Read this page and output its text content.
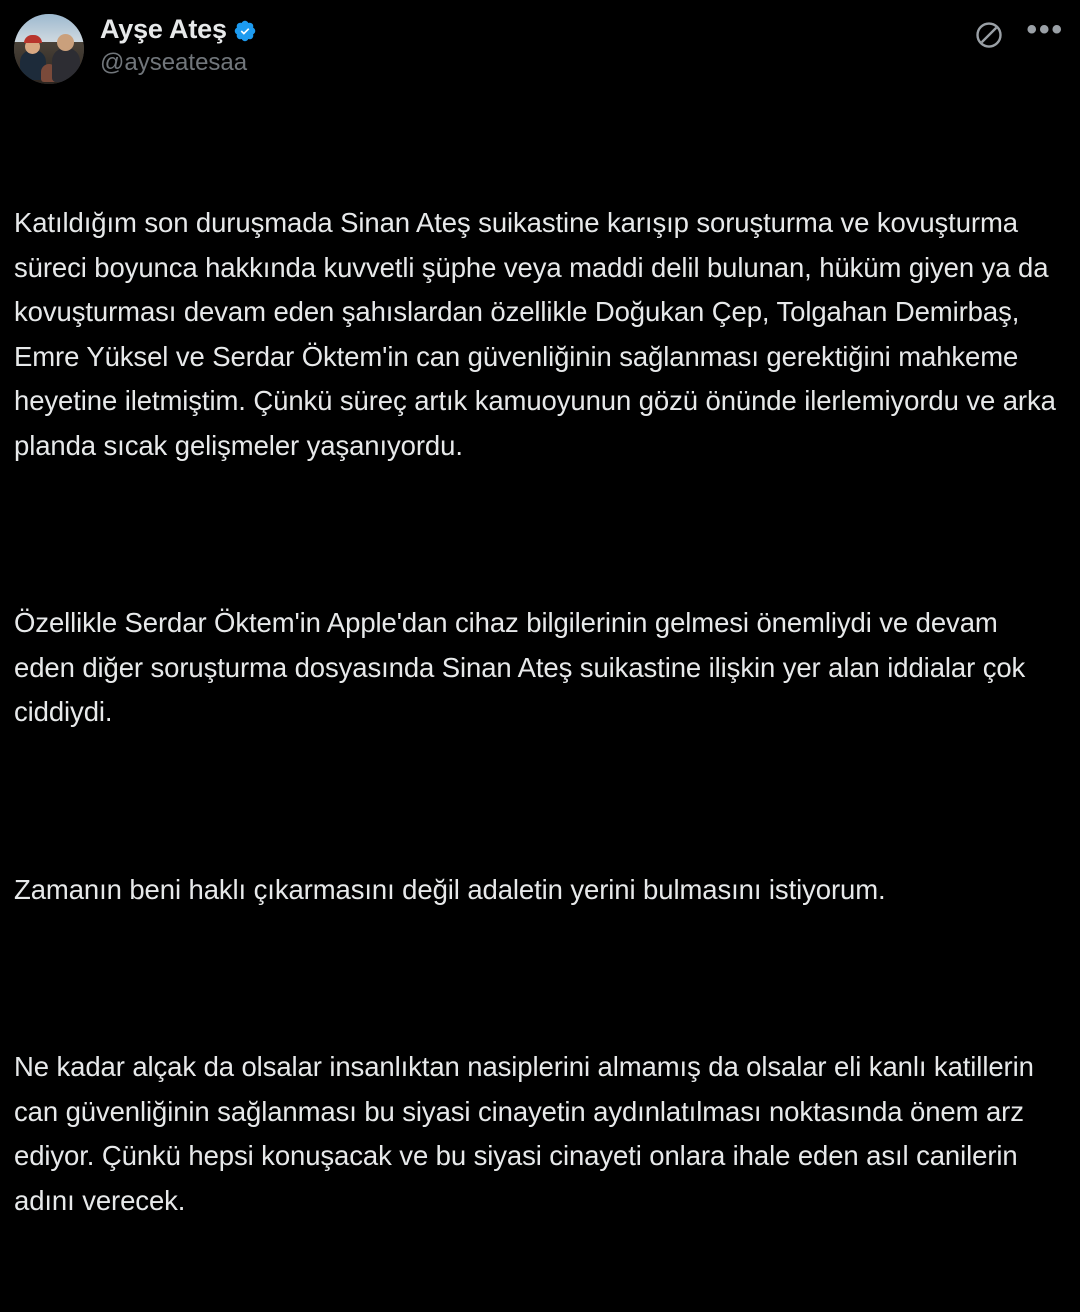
Ayşe Ateş
@ayseatesaa
•••

Katıldığım son duruşmada Sinan Ateş suikastine karışıp soruşturma ve kovuşturma süreci boyunca hakkında kuvvetli şüphe veya maddi delil bulunan, hüküm giyen ya da kovuşturması devam eden şahıslardan özellikle Doğukan Çep, Tolgahan Demirbaş, Emre Yüksel ve Serdar Öktem'in can güvenliğinin sağlanması gerektiğini mahkeme heyetine iletmiştim. Çünkü süreç artık kamuoyunun gözü önünde ilerlemiyordu ve arka planda sıcak gelişmeler yaşanıyordu.

Özellikle Serdar Öktem'in Apple'dan cihaz bilgilerinin gelmesi önemliydi ve devam eden diğer soruşturma dosyasında Sinan Ateş suikastine ilişkin yer alan iddialar çok ciddiydi.

Zamanın beni haklı çıkarmasını değil adaletin yerini bulmasını istiyorum.

Ne kadar alçak da olsalar insanlıktan nasiplerini almamış da olsalar eli kanlı katillerin can güvenliğinin sağlanması bu siyasi cinayetin aydınlatılması noktasında önem arz ediyor. Çünkü hepsi konuşacak ve bu siyasi cinayeti onlara ihale eden asıl canilerin adını verecek.
